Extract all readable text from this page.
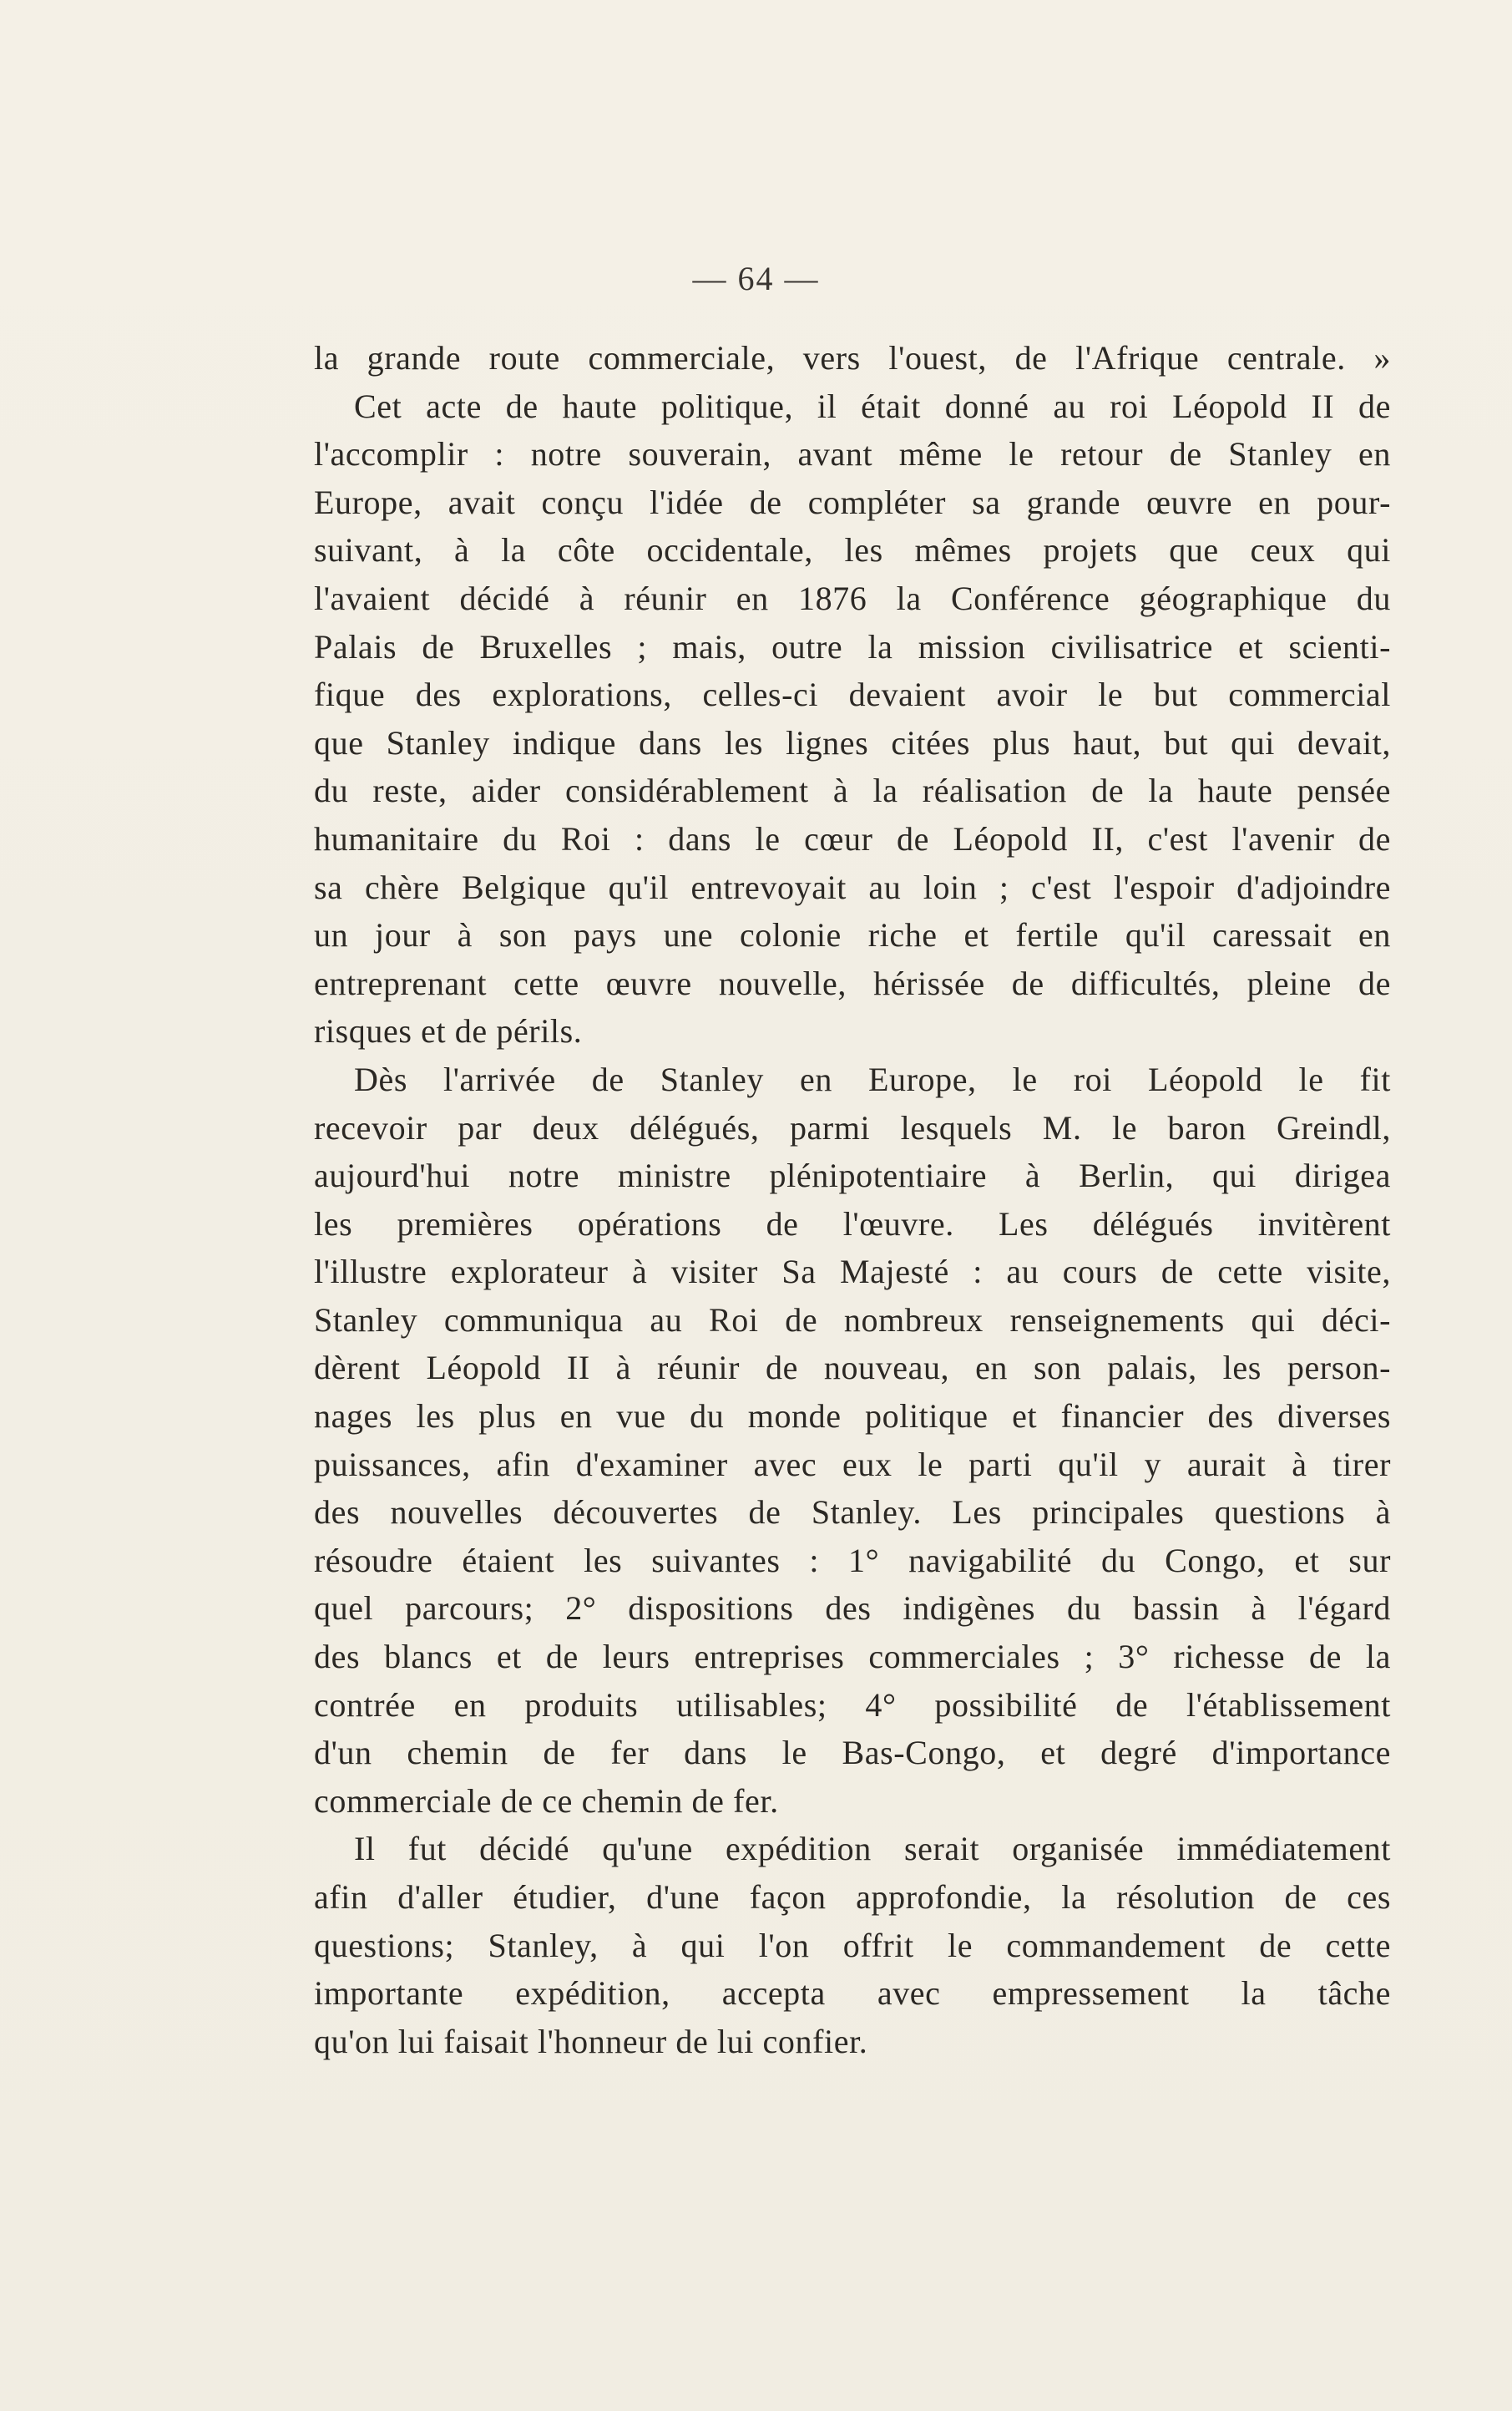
— 64 —
la grande route commerciale, vers l'ouest, de l'Afrique centrale. »
Cet acte de haute politique, il était donné au roi Léopold II de
l'accomplir : notre souverain, avant même le retour de Stanley en
Europe, avait conçu l'idée de compléter sa grande œuvre en pour-
suivant, à la côte occidentale, les mêmes projets que ceux qui
l'avaient décidé à réunir en 1876 la Conférence géographique du
Palais de Bruxelles ; mais, outre la mission civilisatrice et scienti-
fique des explorations, celles-ci devaient avoir le but commercial
que Stanley indique dans les lignes citées plus haut, but qui devait,
du reste, aider considérablement à la réalisation de la haute pensée
humanitaire du Roi : dans le cœur de Léopold II, c'est l'avenir de
sa chère Belgique qu'il entrevoyait au loin ; c'est l'espoir d'adjoindre
un jour à son pays une colonie riche et fertile qu'il caressait en
entreprenant cette œuvre nouvelle, hérissée de difficultés, pleine de
risques et de périls.
Dès l'arrivée de Stanley en Europe, le roi Léopold le fit
recevoir par deux délégués, parmi lesquels M. le baron Greindl,
aujourd'hui notre ministre plénipotentiaire à Berlin, qui dirigea
les premières opérations de l'œuvre. Les délégués invitèrent
l'illustre explorateur à visiter Sa Majesté : au cours de cette visite,
Stanley communiqua au Roi de nombreux renseignements qui déci-
dèrent Léopold II à réunir de nouveau, en son palais, les person-
nages les plus en vue du monde politique et financier des diverses
puissances, afin d'examiner avec eux le parti qu'il y aurait à tirer
des nouvelles découvertes de Stanley. Les principales questions à
résoudre étaient les suivantes : 1° navigabilité du Congo, et sur
quel parcours; 2° dispositions des indigènes du bassin à l'égard
des blancs et de leurs entreprises commerciales ; 3° richesse de la
contrée en produits utilisables; 4° possibilité de l'établissement
d'un chemin de fer dans le Bas-Congo, et degré d'importance
commerciale de ce chemin de fer.
Il fut décidé qu'une expédition serait organisée immédiatement
afin d'aller étudier, d'une façon approfondie, la résolution de ces
questions; Stanley, à qui l'on offrit le commandement de cette
importante expédition, accepta avec empressement la tâche
qu'on lui faisait l'honneur de lui confier.
